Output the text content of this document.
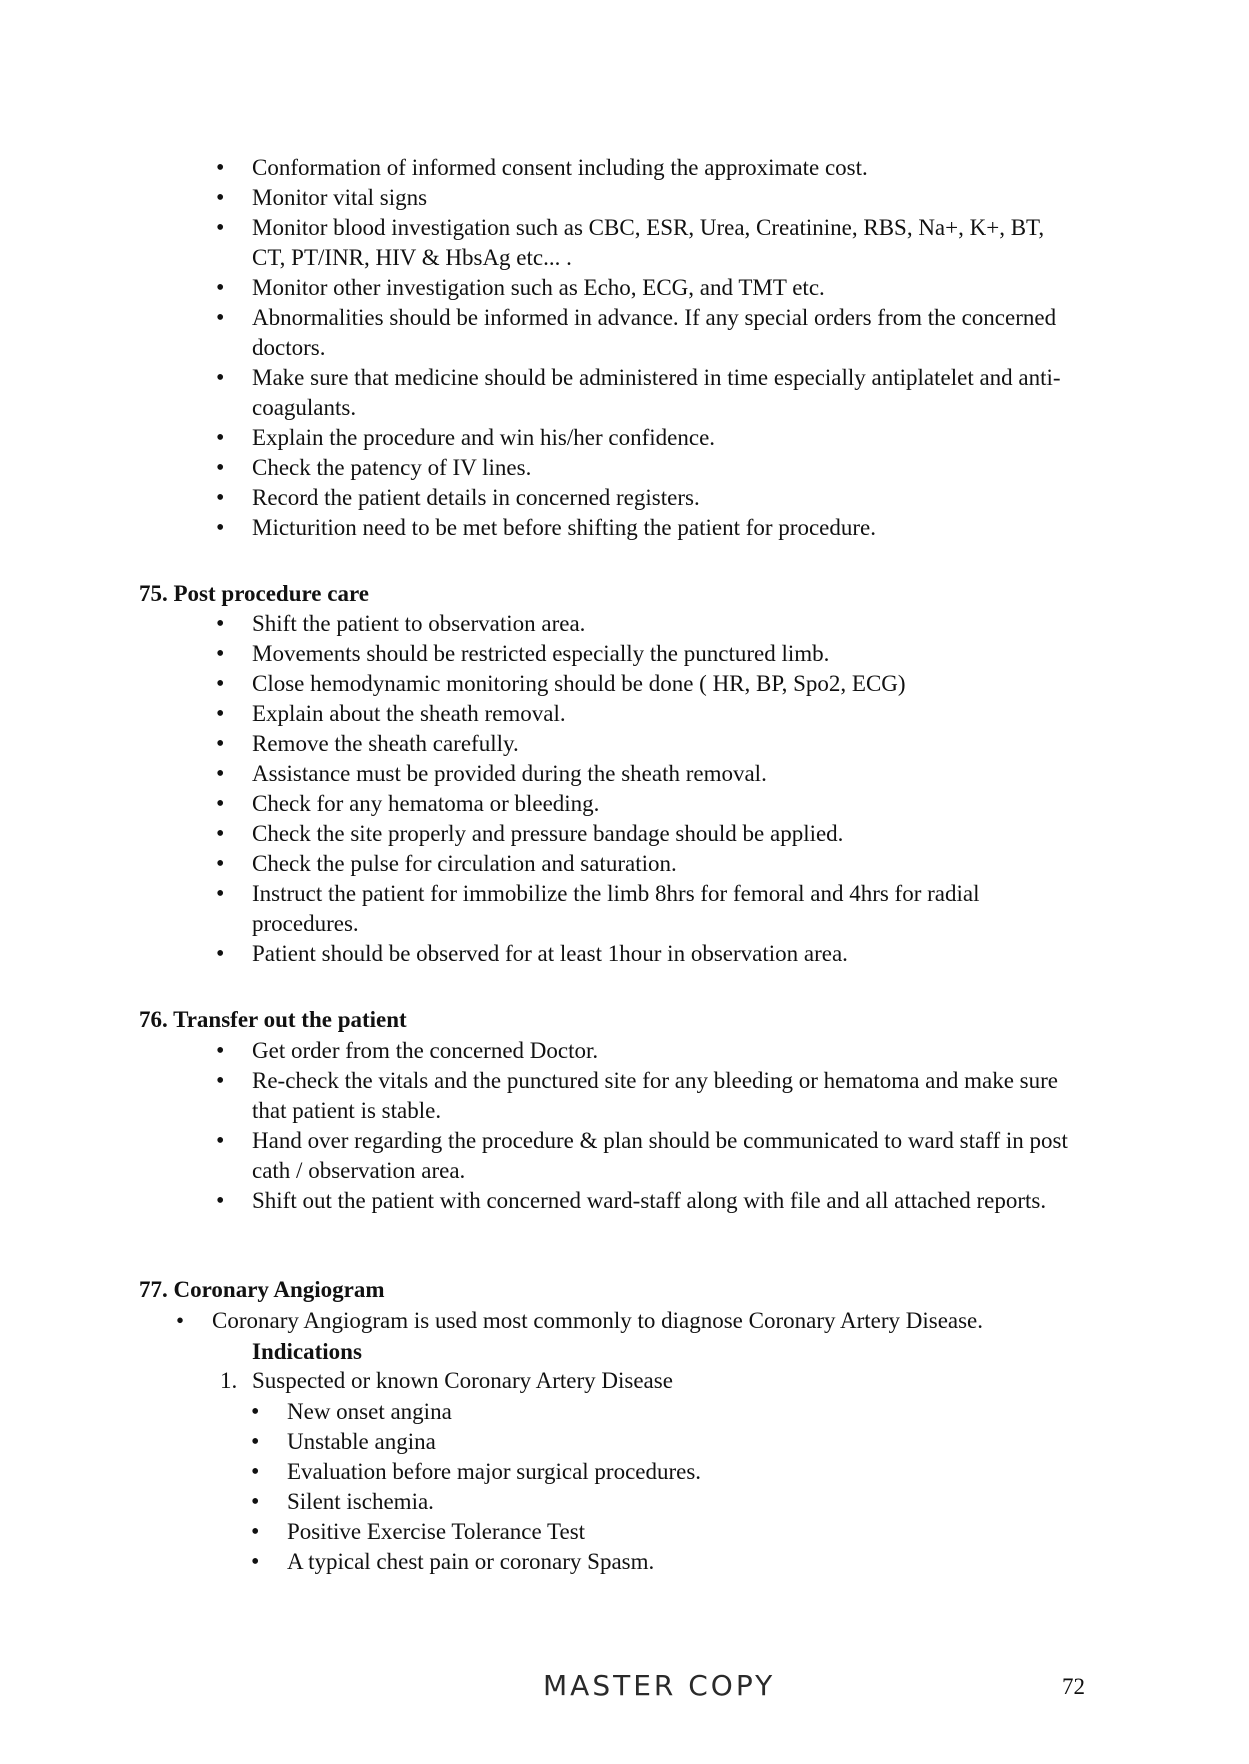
• Conformation of informed consent including the approximate cost.
• Monitor vital signs
• Monitor blood investigation such as CBC, ESR, Urea, Creatinine, RBS, Na+, K+, BT, CT, PT/INR, HIV & HbsAg etc... .
• Monitor other investigation such as Echo, ECG, and TMT etc.
• Abnormalities should be informed in advance. If any special orders from the concerned doctors.
• Make sure that medicine should be administered in time especially antiplatelet and anti-coagulants.
• Explain the procedure and win his/her confidence.
• Check the patency of IV lines.
• Record the patient details in concerned registers.
• Micturition need to be met before shifting the patient for procedure.
75. Post procedure care
• Shift the patient to observation area.
• Movements should be restricted especially the punctured limb.
• Close hemodynamic monitoring should be done ( HR, BP, Spo2, ECG)
• Explain about the sheath removal.
• Remove the sheath carefully.
• Assistance must be provided during the sheath removal.
• Check for any hematoma or bleeding.
• Check the site properly and pressure bandage should be applied.
• Check the pulse for circulation and saturation.
• Instruct the patient for immobilize the limb 8hrs for femoral and 4hrs for radial procedures.
• Patient should be observed for at least 1hour in observation area.
76. Transfer out the patient
• Get order from the concerned Doctor.
• Re-check the vitals and the punctured site for any bleeding or hematoma and make sure that patient is stable.
• Hand over regarding the procedure & plan should be communicated to ward staff in post cath / observation area.
• Shift out the patient with concerned ward-staff along with file and all attached reports.
77. Coronary Angiogram
• Coronary Angiogram is used most commonly to diagnose Coronary Artery Disease.
Indications
1. Suspected or known Coronary Artery Disease
• New onset angina
• Unstable angina
• Evaluation before major surgical procedures.
• Silent ischemia.
• Positive Exercise Tolerance Test
• A typical chest pain or coronary Spasm.
MASTER COPY	72
